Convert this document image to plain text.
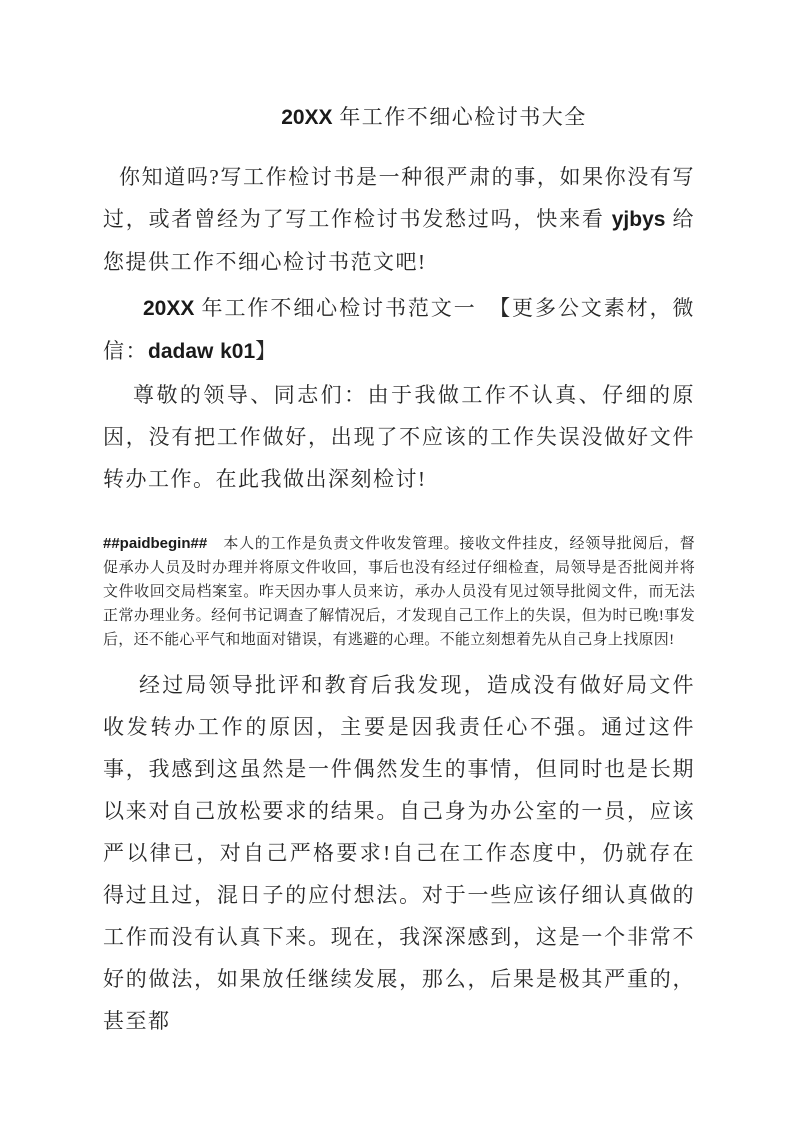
20XX 年工作不细心检讨书大全

你知道吗?写工作检讨书是一种很严肃的事，如果你没有写过，或者曾经为了写工作检讨书发愁过吗，快来看 yjbys 给您提供工作不细心检讨书范文吧!

20XX 年工作不细心检讨书范文一　【更多公文素材，微信：dadaw k01】

尊敬的领导、同志们：由于我做工作不认真、仔细的原因，没有把工作做好，出现了不应该的工作失误没做好文件转办工作。在此我做出深刻检讨!

##paidbegin##　本人的工作是负责文件收发管理。接收文件挂皮，经领导批阅后，督促承办人员及时办理并将原文件收回，事后也没有经过仔细检查，局领导是否批阅并将文件收回交局档案室。昨天因办事人员来访，承办人员没有见过领导批阅文件，而无法正常办理业务。经何书记调查了解情况后，才发现自己工作上的失误，但为时已晚!事发后，还不能心平气和地面对错误，有逃避的心理。不能立刻想着先从自己身上找原因!

经过局领导批评和教育后我发现，造成没有做好局文件收发转办工作的原因，主要是因我责任心不强。通过这件事，我感到这虽然是一件偶然发生的事情，但同时也是长期以来对自己放松要求的结果。自己身为办公室的一员，应该严以律已，对自己严格要求!自己在工作态度中，仍就存在得过且过，混日子的应付想法。对于一些应该仔细认真做的工作而没有认真下来。现在，我深深感到，这是一个非常不好的做法，如果放任继续发展，那么，后果是极其严重的，甚至都
